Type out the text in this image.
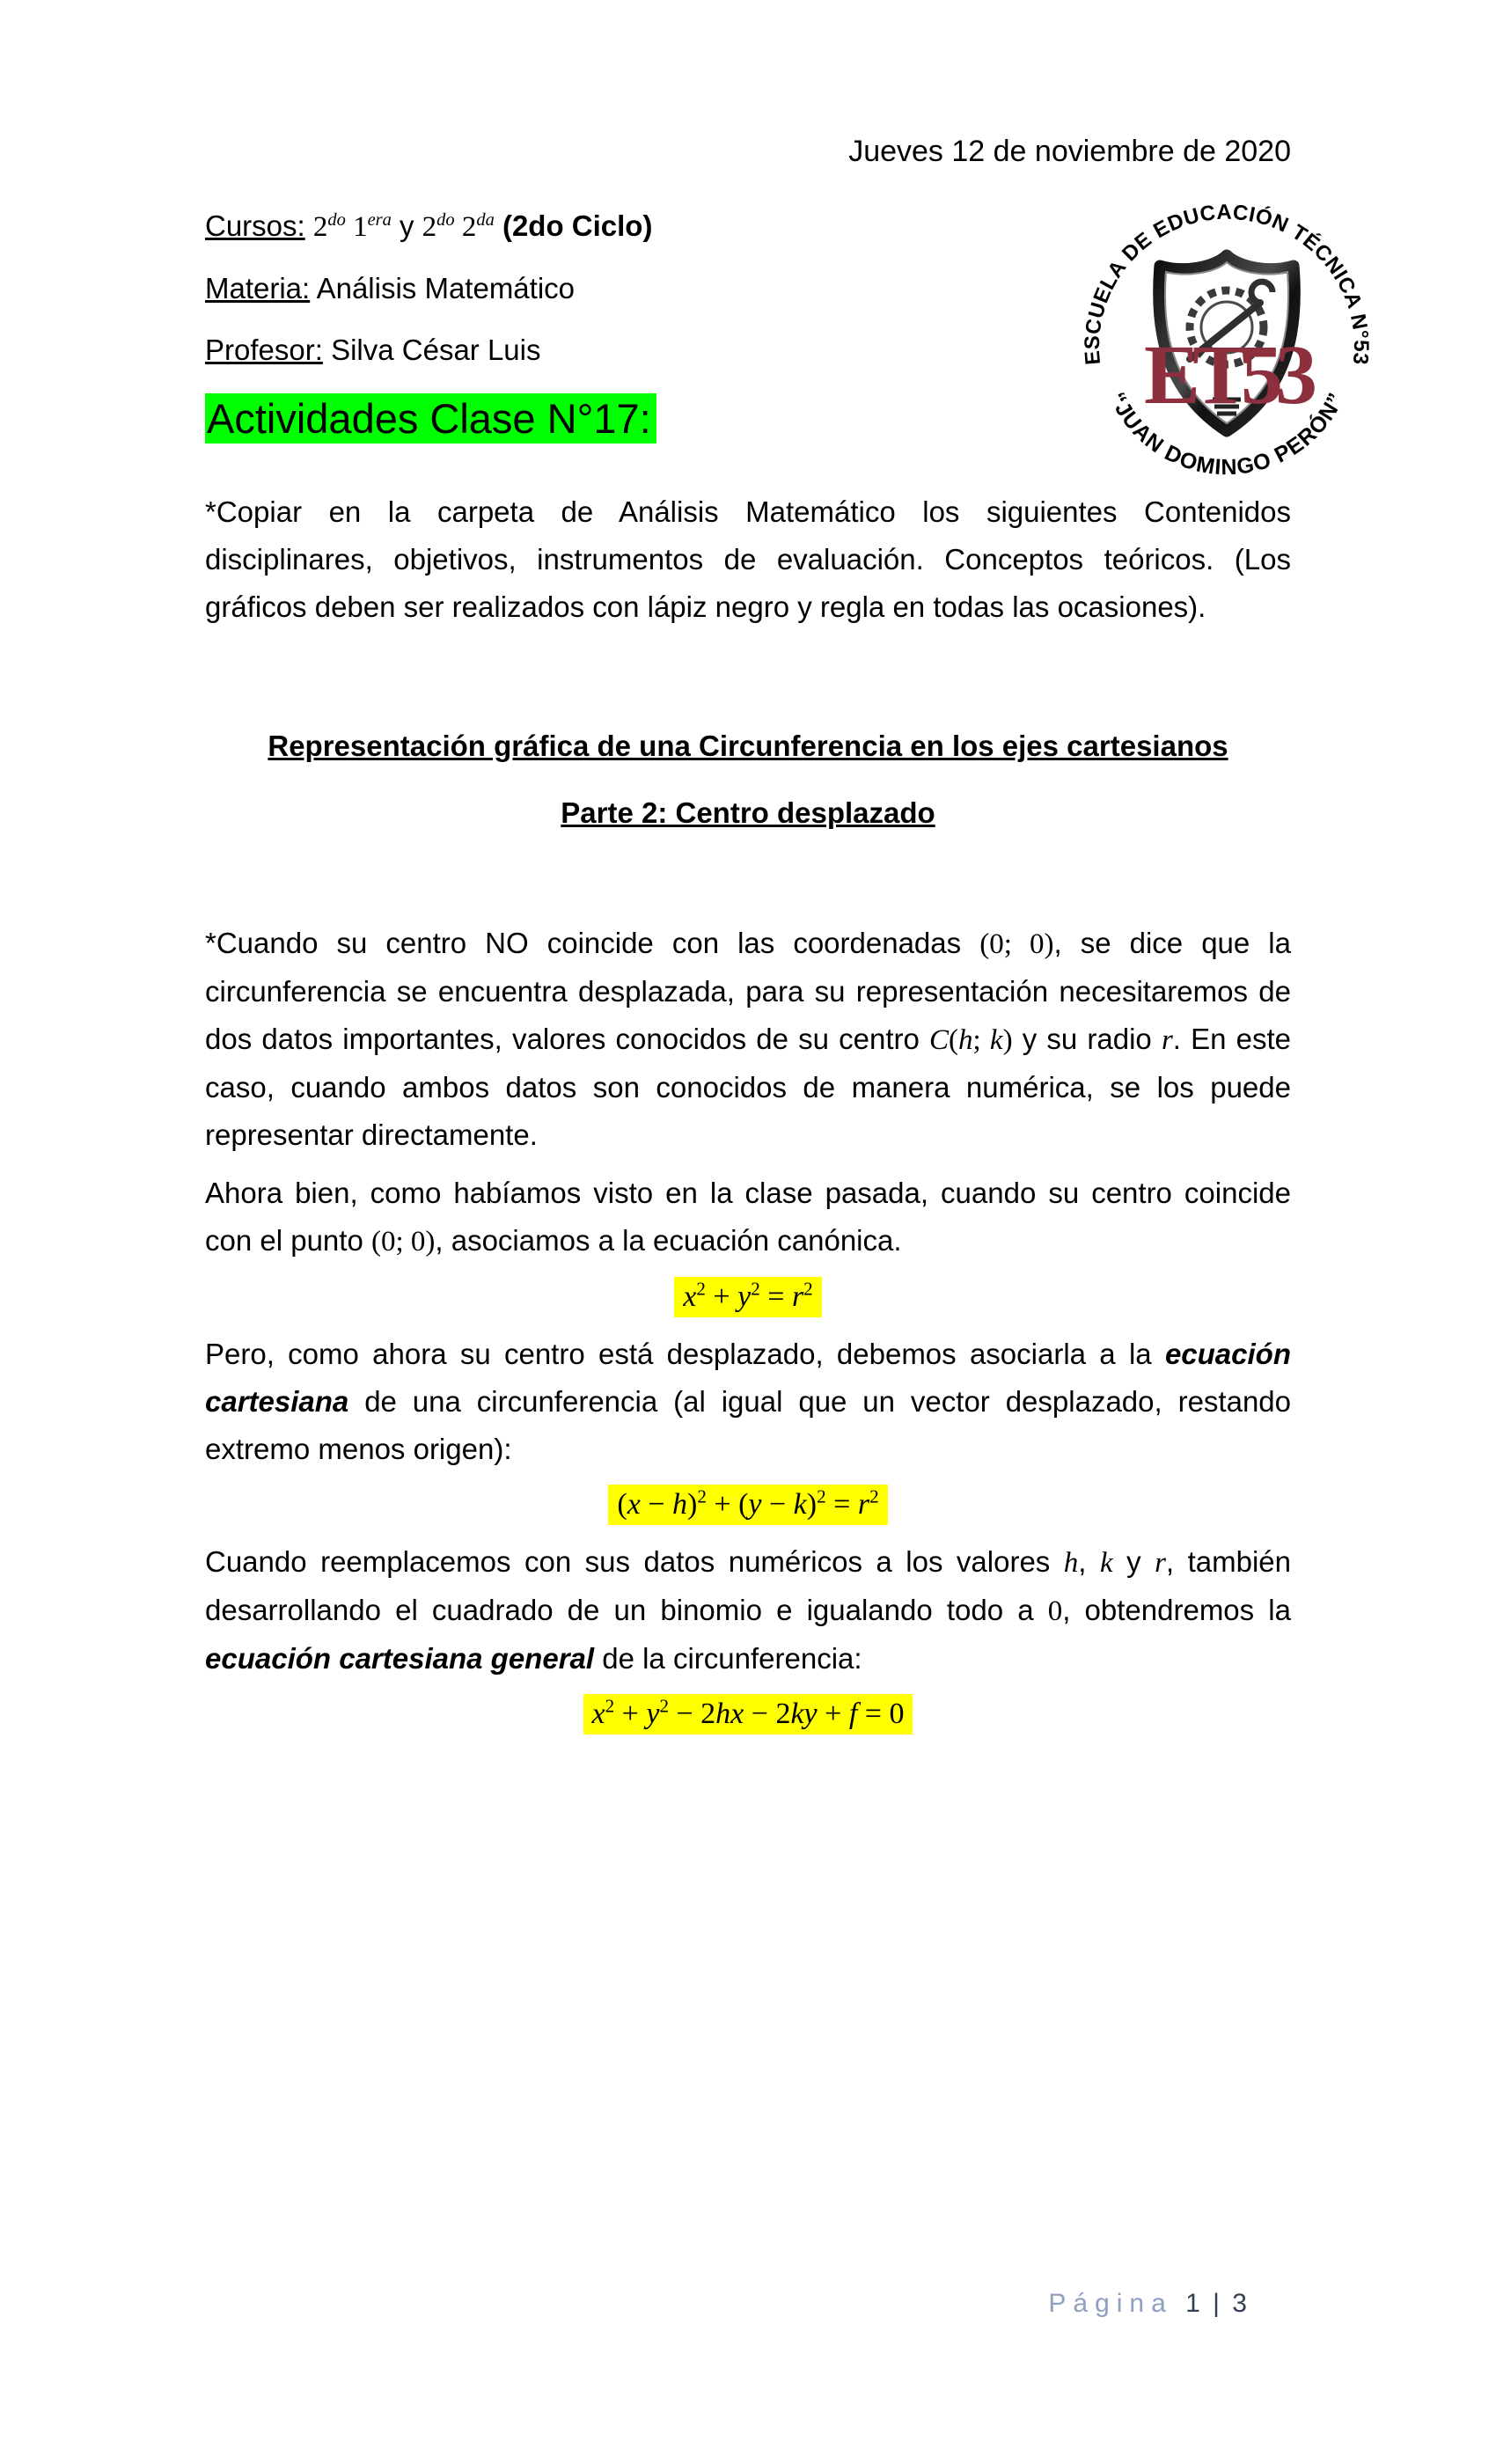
Jueves 12 de noviembre de 2020
Cursos: $2^{do}$ $1^{era}$ y $2^{do}$ $2^{da}$ (2do Ciclo)
Materia: Análisis Matemático
Profesor: Silva César Luis
Actividades Clase N°17:
*Copiar en la carpeta de Análisis Matemático los siguientes Contenidos disciplinares, objetivos, instrumentos de evaluación. Conceptos teóricos. (Los gráficos deben ser realizados con lápiz negro y regla en todas las ocasiones).
Representación gráfica de una Circunferencia en los ejes cartesianos
Parte 2: Centro desplazado
*Cuando su centro NO coincide con las coordenadas (0; 0), se dice que la circunferencia se encuentra desplazada, para su representación necesitaremos de dos datos importantes, valores conocidos de su centro C(h; k) y su radio r. En este caso, cuando ambos datos son conocidos de manera numérica, se los puede representar directamente.
Ahora bien, como habíamos visto en la clase pasada, cuando su centro coincide con el punto (0; 0), asociamos a la ecuación canónica.
$x^2 + y^2 = r^2$
Pero, como ahora su centro está desplazado, debemos asociarla a la ecuación cartesiana de una circunferencia (al igual que un vector desplazado, restando extremo menos origen):
$(x - h)^2 + (y - k)^2 = r^2$
Cuando reemplacemos con sus datos numéricos a los valores h, k y r, también desarrollando el cuadrado de un binomio e igualando todo a 0, obtendremos la ecuación cartesiana general de la circunferencia:
$x^2 + y^2 - 2hx - 2ky + f = 0$
ESCUELA DE EDUCACIÓN TÉCNICA N°53
“JUAN DOMINGO PERÓN”
ET53
Página 1 | 3
